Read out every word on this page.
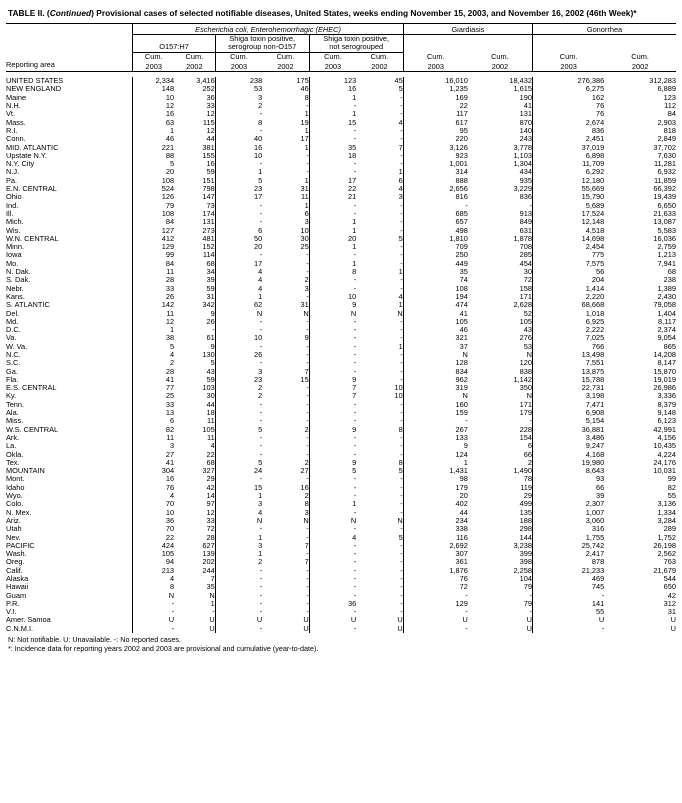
TABLE II. (Continued) Provisional cases of selected notifiable diseases, United States, weeks ending November 15, 2003, and November 16, 2002 (46th Week)*
	Escherichia coli, Enterohemorrhagic (EHEC)						Giardiasis		Gonorrhea	
	O157:H7		Shiga toxin positive,
serogroup non-O157		Shiga toxin positive,
not serogrouped					
	Cum.	Cum.	Cum.	Cum.	Cum.	Cum.	Cum.	Cum.	Cum.	Cum.
Reporting area	2003	2002	2003	2002	2003	2002	2003	2002	2003	2002

UNITED STATES	2,334	3,416	238	175	123	45	16,010	18,432	276,386	312,283
NEW ENGLAND	148	252	53	46	16	5	1,235	1,615	6,275	6,889
Maine	10	36	3	8	1	-	169	190	162	123
N.H.	12	33	2	-	-	-	22	41	76	112
Vt.	16	12	-	1	1	-	117	131	76	84
Mass.	63	115	8	19	15	4	617	870	2,674	2,903
R.I.	1	12	-	1	-	-	95	140	836	818
Conn.	46	44	40	17	-	-	220	243	2,451	2,849
MID. ATLANTIC	221	381	16	1	35	7	3,126	3,778	37,019	37,702
Upstate N.Y.	88	155	10	-	18	-	923	1,103	6,898	7,630
N.Y. City	5	16	-	-	-	-	1,001	1,304	11,709	11,281
N.J.	20	59	1	-	-	1	314	434	6,292	6,932
Pa.	108	151	5	1	17	6	888	935	12,180	11,859
E.N. CENTRAL	524	798	23	31	22	4	2,656	3,229	55,669	66,392
Ohio	126	147	17	11	21	3	816	836	15,790	19,439
Ind.	79	73	-	1	-	-	-	-	5,689	6,650
Ill.	108	174	-	6	-	-	685	913	17,524	21,633
Mich.	84	131	-	3	1	-	657	849	12,148	13,087
Wis.	127	273	6	10	1	-	498	631	4,518	5,583
W.N. CENTRAL	412	481	50	30	20	5	1,810	1,878	14,698	16,036
Minn.	129	152	20	25	1	-	709	708	2,454	2,759
Iowa	99	114	-	-	-	-	250	285	775	1,213
Mo.	84	68	17	-	1	-	449	454	7,575	7,941
N. Dak.	11	34	4	-	8	1	35	30	56	68
S. Dak.	28	39	4	2	-	-	74	72	204	238
Nebr.	33	59	4	3	-	-	108	158	1,414	1,389
Kans.	26	31	1	-	10	4	194	171	2,220	2,430
S. ATLANTIC	142	342	62	31	9	1	474	2,628	68,668	79,058
Del.	11	9	N	N	N	N	41	52	1,018	1,404
Md.	12	26	-	-	-	-	105	105	6,925	8,117
D.C.	1	-	-	-	-	-	46	43	2,222	2,374
Va.	38	61	10	9	-	-	321	276	7,025	9,054
W. Va.	5	9	-	-	-	1	37	53	766	865
N.C.	4	130	26	-	-	-	N	N	13,498	14,208
S.C.	2	5	-	-	-	-	128	120	7,551	8,147
Ga.	28	43	3	7	-	-	834	838	13,875	15,870
Fla.	41	59	23	15	9	-	962	1,142	15,788	19,019
E.S. CENTRAL	77	103	2	-	7	10	319	350	22,731	26,986
Ky.	25	30	2	-	7	10	N	N	3,198	3,336
Tenn.	33	44	-	-	-	-	160	171	7,471	8,379
Ala.	13	18	-	-	-	-	159	179	6,908	9,148
Miss.	6	11	-	-	-	-	-	-	5,154	6,123
W.S. CENTRAL	82	105	5	2	9	8	267	228	36,881	42,991
Ark.	11	11	-	-	-	-	133	154	3,486	4,156
La.	3	4	-	-	-	-	9	6	9,247	10,435
Okla.	27	22	-	-	-	-	124	66	4,168	4,224
Tex.	41	68	5	2	9	8	1	2	19,980	24,176
MOUNTAIN	304	327	24	27	5	5	1,431	1,490	8,643	10,031
Mont.	16	29	-	-	-	-	98	78	93	99
Idaho	76	42	15	16	-	-	179	119	66	82
Wyo.	4	14	1	2	-	-	20	29	39	55
Colo.	70	97	3	8	1	-	402	499	2,307	3,136
N. Mex.	10	12	4	3	-	-	44	135	1,007	1,334
Ariz.	36	33	N	N	N	N	234	188	3,060	3,284
Utah	70	72	-	-	-	-	338	298	316	289
Nev.	22	28	1	-	4	5	116	144	1,755	1,752
PACIFIC	424	627	3	7	-	-	2,692	3,238	25,742	26,198
Wash.	105	139	1	-	-	-	307	399	2,417	2,562
Oreg.	94	202	2	7	-	-	361	398	878	763
Calif.	213	244	-	-	-	-	1,876	2,258	21,233	21,679
Alaska	4	7	-	-	-	-	76	104	469	544
Hawaii	8	35	-	-	-	-	72	79	745	650
Guam	N	N	-	-	-	-	-	-	-	42
P.R.	-	1	-	-	36	-	129	79	141	312
V.I.	-	-	-	-	-	-	-	-	55	31
Amer. Samoa	U	U	U	U	U	U	U	U	U	U
C.N.M.I.	-	U	-	U	-	U	-	U	-	U
N: Not notifiable. U: Unavailable. -: No reported cases.
*: Incidence data for reporting years 2002 and 2003 are provisional and cumulative (year-to-date).
